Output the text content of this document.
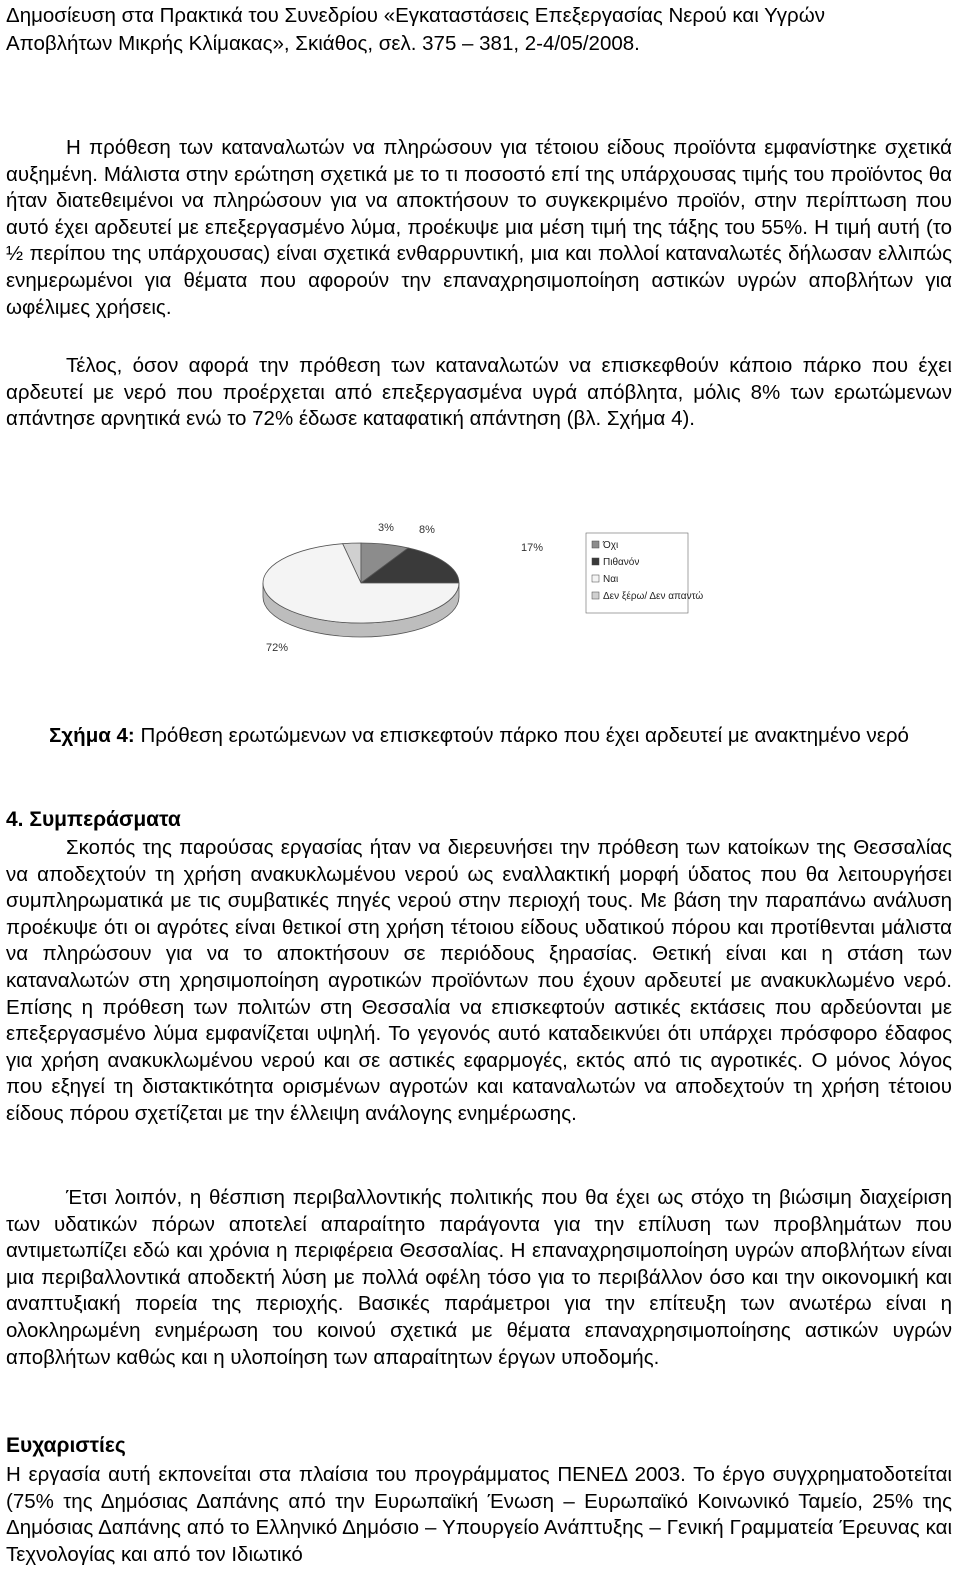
Δημοσίευση στα Πρακτικά του Συνεδρίου «Εγκαταστάσεις Επεξεργασίας Νερού και Υγρών
Αποβλήτων Μικρής Κλίμακας», Σκιάθος, σελ. 375 – 381, 2-4/05/2008.

Η πρόθεση των καταναλωτών να πληρώσουν για τέτοιου είδους προϊόντα εμφανίστηκε σχετικά αυξημένη. Μάλιστα στην ερώτηση σχετικά με το τι ποσοστό επί της υπάρχουσας τιμής του προϊόντος θα ήταν διατεθειμένοι να πληρώσουν για να αποκτήσουν το συγκεκριμένο προϊόν, στην περίπτωση που αυτό έχει αρδευτεί με επεξεργασμένο λύμα, προέκυψε μια μέση τιμή της τάξης του 55%. Η τιμή αυτή (το ½ περίπου της υπάρχουσας) είναι σχετικά ενθαρρυντική, μια και πολλοί καταναλωτές δήλωσαν ελλιπώς ενημερωμένοι για θέματα που αφορούν την επαναχρησιμοποίηση αστικών υγρών αποβλήτων για ωφέλιμες χρήσεις.

Τέλος, όσον αφορά την πρόθεση των καταναλωτών να επισκεφθούν κάποιο πάρκο που έχει αρδευτεί με νερό που προέρχεται από επεξεργασμένα υγρά απόβλητα, μόλις 8% των ερωτώμενων απάντησε αρνητικά ενώ το 72% έδωσε καταφατική απάντηση (βλ. Σχήμα 4).

3% 8%
17%
72%
Όχι
Πιθανόν
Ναι
Δεν ξέρω/ Δεν απαντώ
Σχήμα 4: Πρόθεση ερωτώμενων να επισκεφτούν πάρκο που έχει αρδευτεί με ανακτημένο νερό
4. Συμπεράσματα

Σκοπός της παρούσας εργασίας ήταν να διερευνήσει την πρόθεση των κατοίκων της Θεσσαλίας να αποδεχτούν τη χρήση ανακυκλωμένου νερού ως εναλλακτική μορφή ύδατος που θα λειτουργήσει συμπληρωματικά με τις συμβατικές πηγές νερού στην περιοχή τους. Με βάση την παραπάνω ανάλυση προέκυψε ότι οι αγρότες είναι θετικοί στη χρήση τέτοιου είδους υδατικού πόρου και προτίθενται μάλιστα να πληρώσουν για να το αποκτήσουν σε περιόδους ξηρασίας. Θετική είναι και η στάση των καταναλωτών στη χρησιμοποίηση αγροτικών προϊόντων που έχουν αρδευτεί με ανακυκλωμένο νερό. Επίσης η πρόθεση των πολιτών στη Θεσσαλία να επισκεφτούν αστικές εκτάσεις που αρδεύονται με επεξεργασμένο λύμα εμφανίζεται υψηλή. Το γεγονός αυτό καταδεικνύει ότι υπάρχει πρόσφορο έδαφος για χρήση ανακυκλωμένου νερού και σε αστικές εφαρμογές, εκτός από τις αγροτικές. Ο μόνος λόγος που εξηγεί τη διστακτικότητα ορισμένων αγροτών και καταναλωτών να αποδεχτούν τη χρήση τέτοιου είδους πόρου σχετίζεται με την έλλειψη ανάλογης ενημέρωσης.

Έτσι λοιπόν, η θέσπιση περιβαλλοντικής πολιτικής που θα έχει ως στόχο τη βιώσιμη διαχείριση των υδατικών πόρων αποτελεί απαραίτητο παράγοντα για την επίλυση των προβλημάτων που αντιμετωπίζει εδώ και χρόνια η περιφέρεια Θεσσαλίας. Η επαναχρησιμοποίηση υγρών αποβλήτων είναι μια περιβαλλοντικά αποδεκτή λύση με πολλά οφέλη τόσο για το περιβάλλον όσο και την οικονομική και αναπτυξιακή πορεία της περιοχής. Βασικές παράμετροι για την επίτευξη των ανωτέρω είναι η ολοκληρωμένη ενημέρωση του κοινού σχετικά με θέματα επαναχρησιμοποίησης αστικών υγρών αποβλήτων καθώς και η υλοποίηση των απαραίτητων έργων υποδομής.

Ευχαριστίες

Η εργασία αυτή εκπονείται στα πλαίσια του προγράμματος ΠΕΝΕΔ 2003. Το έργο συγχρηματοδοτείται (75% της Δημόσιας Δαπάνης από την Ευρωπαϊκή Ένωση – Ευρωπαϊκό Κοινωνικό Ταμείο, 25% της Δημόσιας Δαπάνης από το Ελληνικό Δημόσιο – Υπουργείο Ανάπτυξης – Γενική Γραμματεία Έρευνας και Τεχνολογίας και από τον Ιδιωτικό
